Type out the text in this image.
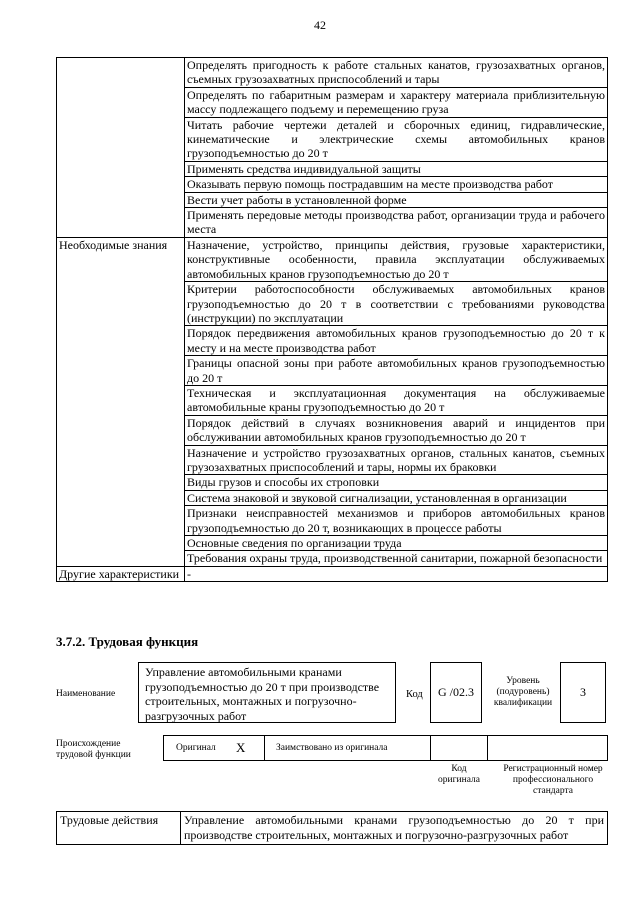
42
	Определять пригодность к работе стальных канатов, грузозахватных органов, съемных грузозахватных приспособлений и тары
	Определять по габаритным размерам и характеру материала приблизительную массу подлежащего подъему и перемещению груза
	Читать рабочие чертежи деталей и сборочных единиц, гидравлические, кинематические и электрические схемы автомобильных кранов грузоподъемностью до 20 т
	Применять средства индивидуальной защиты
	Оказывать первую помощь пострадавшим на месте производства работ
	Вести учет работы в установленной форме
	Применять передовые методы производства работ, организации труда и рабочего места
Необходимые знания	Назначение, устройство, принципы действия, грузовые характеристики, конструктивные особенности, правила эксплуатации обслуживаемых автомобильных кранов грузоподъемностью до 20 т
	Критерии работоспособности обслуживаемых автомобильных кранов грузоподъемностью до 20 т в соответствии с требованиями руководства (инструкции) по эксплуатации
	Порядок передвижения автомобильных кранов грузоподъемностью до 20 т к месту и на месте производства работ
	Границы опасной зоны при работе автомобильных кранов грузоподъемностью до 20 т
	Техническая и эксплуатационная документация на обслуживаемые автомобильные краны грузоподъемностью до 20 т
	Порядок действий в случаях возникновения аварий и инцидентов при обслуживании автомобильных кранов грузоподъемностью до 20 т
	Назначение и устройство грузозахватных органов, стальных канатов, съемных грузозахватных приспособлений и тары, нормы их браковки
	Виды грузов и способы их строповки
	Система знаковой и звуковой сигнализации, установленная в организации
	Признаки неисправностей механизмов и приборов автомобильных кранов грузоподъемностью до 20 т, возникающих в процессе работы
	Основные сведения по организации труда
	Требования охраны труда, производственной санитарии, пожарной безопасности
Другие характеристики	-
3.7.2. Трудовая функция
Наименование
Управление автомобильными кранами грузоподъемностью до 20 т при производстве строительных, монтажных и погрузочно-разгрузочных работ
Код G /02.3
Уровень (подуровень) квалификации
3
Происхождение трудовой функции
Оригинал X	Заимствовано из оригинала
Код оригинала
Регистрационный номер профессионального стандарта
Трудовые действия	Управление автомобильными кранами грузоподъемностью до 20 т при производстве строительных, монтажных и погрузочно-разгрузочных работ
